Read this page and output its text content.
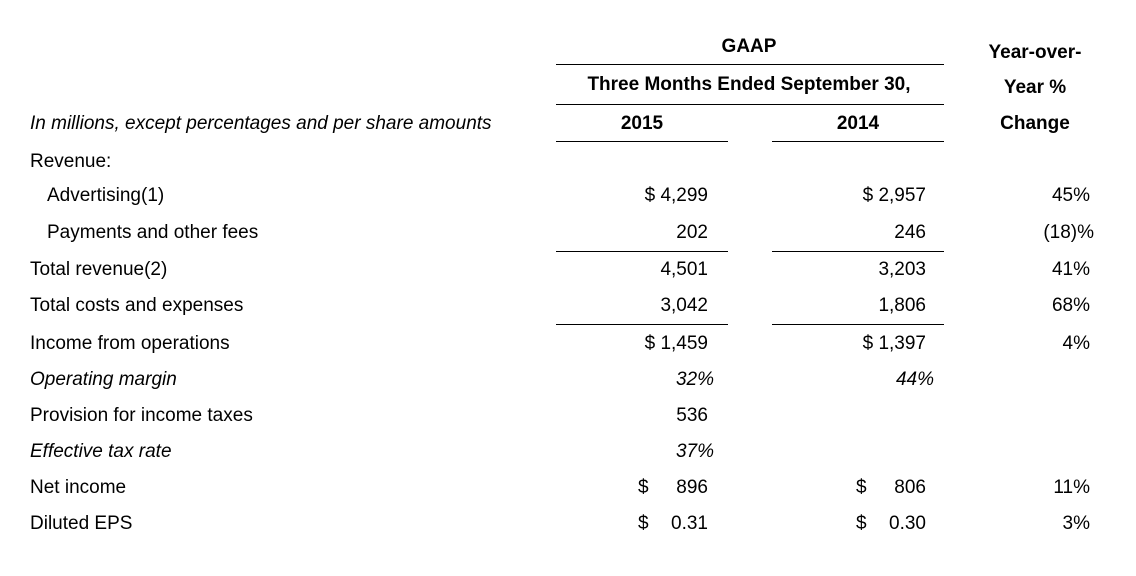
GAAP
Three Months Ended September 30,
Year-over-
Year %
Change
In millions, except percentages and per share amounts	2015	2014
Revenue:
Advertising(1)	$ 4,299	$ 2,957	45%
Payments and other fees	202	246	(18)%
Total revenue(2)	4,501	3,203	41%
Total costs and expenses	3,042	1,806	68%
Income from operations	$ 1,459	$ 1,397	4%
Operating margin	32%	44%
Provision for income taxes	536
Effective tax rate	37%
Net income	$ 896	$ 806	11%
Diluted EPS	$ 0.31	$ 0.30	3%
